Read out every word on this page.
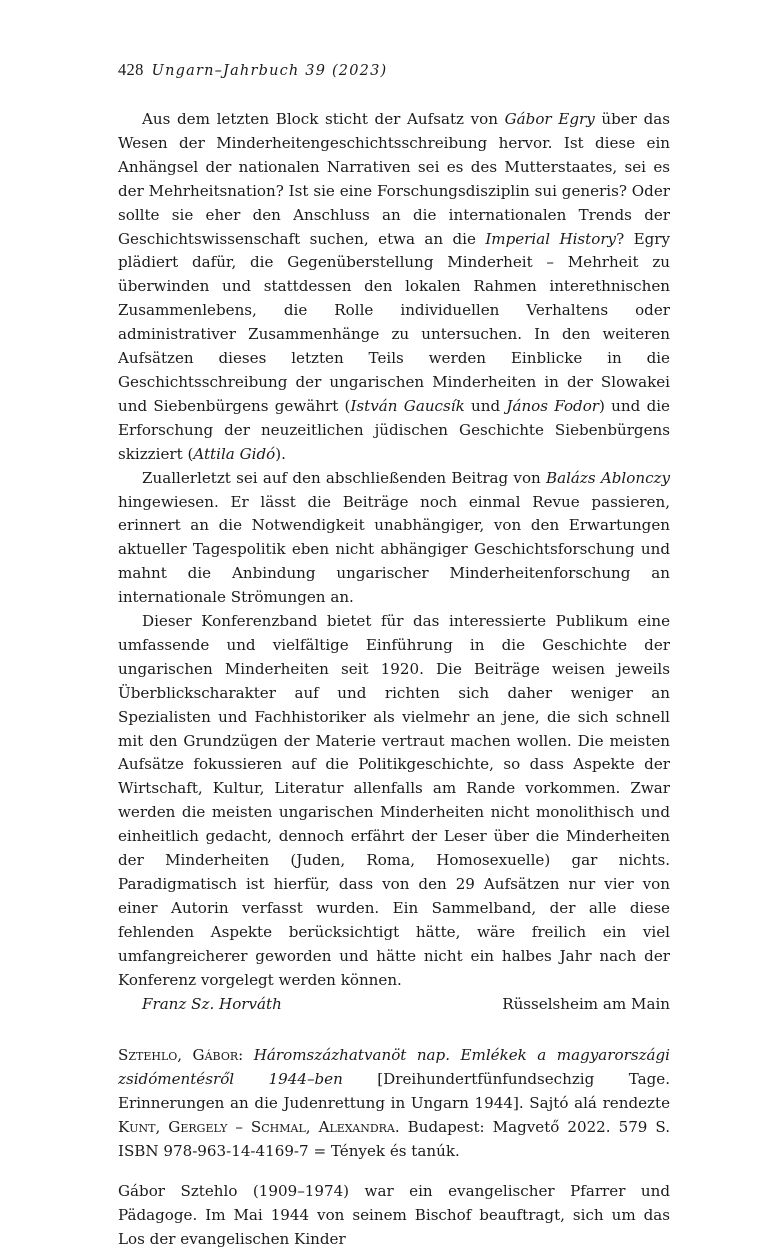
428 Ungarn–Jahrbuch 39 (2023)

Aus dem letzten Block sticht der Aufsatz von Gábor Egry über das Wesen der Minderheitengeschichtsschreibung hervor. Ist diese ein Anhängsel der nationalen Narrativen sei es des Mutterstaates, sei es der Mehrheitsnation? Ist sie eine Forschungsdisziplin sui generis? Oder sollte sie eher den Anschluss an die internationalen Trends der Geschichtswissenschaft suchen, etwa an die Imperial History? Egry plädiert dafür, die Gegenüberstellung Minderheit – Mehrheit zu überwinden und stattdessen den lokalen Rahmen interethnischen Zusammenlebens, die Rolle individuellen Verhaltens oder administrativer Zusammenhänge zu untersuchen. In den weiteren Aufsätzen dieses letzten Teils werden Einblicke in die Geschichtsschreibung der ungarischen Minderheiten in der Slowakei und Siebenbürgens gewährt (István Gaucsík und János Fodor) und die Erforschung der neuzeitlichen jüdischen Geschichte Siebenbürgens skizziert (Attila Gidó).

Zuallerletzt sei auf den abschließenden Beitrag von Balázs Ablonczy hingewiesen. Er lässt die Beiträge noch einmal Revue passieren, erinnert an die Notwendigkeit unabhängiger, von den Erwartungen aktueller Tagespolitik eben nicht abhängiger Geschichtsforschung und mahnt die Anbindung ungarischer Minderheitenforschung an internationale Strömungen an.

Dieser Konferenzband bietet für das interessierte Publikum eine umfassende und vielfältige Einführung in die Geschichte der ungarischen Minderheiten seit 1920. Die Beiträge weisen jeweils Überblickscharakter auf und richten sich daher weniger an Spezialisten und Fachhistoriker als vielmehr an jene, die sich schnell mit den Grundzügen der Materie vertraut machen wollen. Die meisten Aufsätze fokussieren auf die Politikgeschichte, so dass Aspekte der Wirtschaft, Kultur, Literatur allenfalls am Rande vorkommen. Zwar werden die meisten ungarischen Minderheiten nicht monolithisch und einheitlich gedacht, dennoch erfährt der Leser über die Minderheiten der Minderheiten (Juden, Roma, Homosexuelle) gar nichts. Paradigmatisch ist hierfür, dass von den 29 Aufsätzen nur vier von einer Autorin verfasst wurden. Ein Sammelband, der alle diese fehlenden Aspekte berücksichtigt hätte, wäre freilich ein viel umfangreicherer geworden und hätte nicht ein halbes Jahr nach der Konferenz vorgelegt werden können.

Franz Sz. Horváth	Rüsselsheim am Main

Sztehlo, Gábor: Háromszázhatvanöt nap. Emlékek a magyarországi zsidómentésről 1944–ben [Dreihundertfünfundsechzig Tage. Erinnerungen an die Judenrettung in Ungarn 1944]. Sajtó alá rendezte Kunt, Gergely – Schmal, Alexandra. Budapest: Magvető 2022. 579 S. ISBN 978-963-14-4169-7 = Tények és tanúk.

Gábor Sztehlo (1909–1974) war ein evangelischer Pfarrer und Pädagoge. Im Mai 1944 von seinem Bischof beauftragt, sich um das Los der evangelischen Kinder
